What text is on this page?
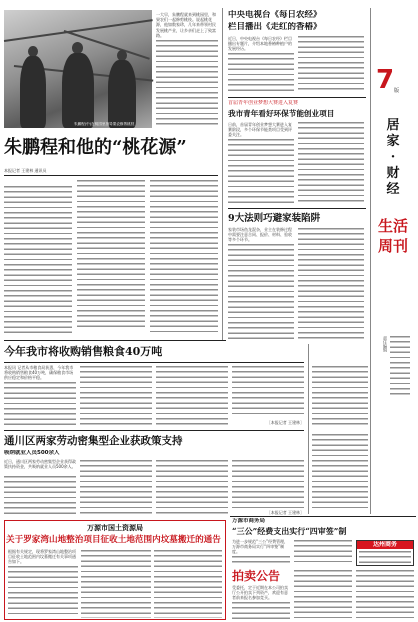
朱鹏程(中)在桃园里指导果农修剪桃枝
一大早，朱鹏程就来到桃园里，和果农们一起修剪桃枝。说起桃花源，他如数家珍，几年来带领村民发展桃产业，让乡亲们走上了致富路。
朱鹏程和他的“桃花源”
本报记者 王建林 通讯员
今年我市将收购销售粮食40万吨
本报讯 记者从市粮食局获悉，今年我市将收购销售粮食40万吨，确保粮食市场供应稳定和价格平稳。
［本报记者 王建林］
通川区两家劳动密集型企业获政策支持
吸纳就业人员500余人
近日，通川区两家劳动密集型企业获得政策扶持资金，共吸纳就业人员500余人。
［本报记者 王建林］
万源市国土资源局
关于罗家湾山地整治项目征收土地范围内坟墓搬迁的通告
根据有关规定，现将罗家湾山地整治项目征收土地范围内坟墓搬迁有关事项通告如下。
中央电视台《每日农经》
栏目播出《走红的香椿》
近日，中央电视台《每日农经》栏目播出专题片，介绍本地香椿种植户的发展经历。
首届青年创业梦想大赛进入复赛
我市青年看好环保节能创业项目
日前，首届青年创业梦想大赛进入复赛阶段，多个环保节能类项目受到评委关注。
9大法则巧避家装陷阱
家装市场鱼龙混杂，业主在装修过程中需要注意合同、报价、材料、验收等多个环节。
万源市商务局
“三公”经费支出实行“四审签”制
为进一步规范“三公”经费管理，万源市商务局实行“四审签”制度。
达州商务
拍卖公告
受委托，定于近期在本公司拍卖厅公开拍卖下列资产，欢迎有意者前来报名参加竞买。
7版
居家 · 财经
生活周刊
责任编辑
